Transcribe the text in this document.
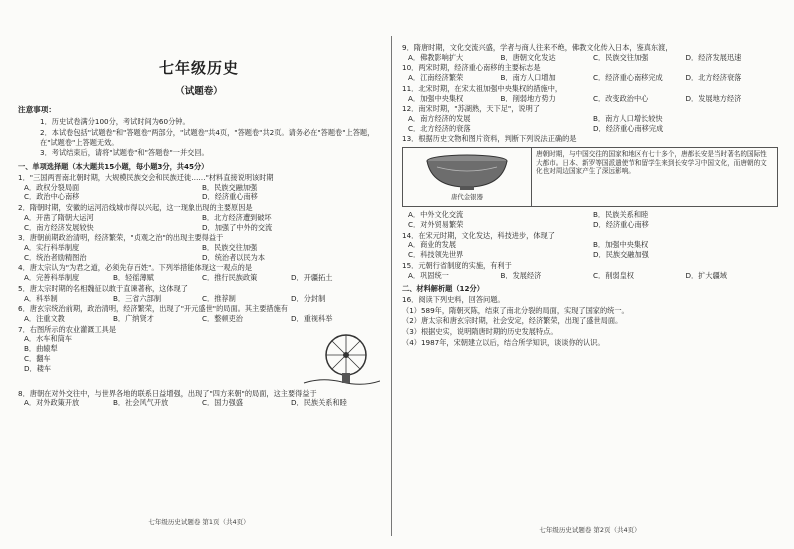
七年级历史
（试题卷）
注意事项：
1．历史试卷满分100分，考试时间为60分钟。
2．本试卷包括"试题卷"和"答题卷"两部分，"试题卷"共4页，"答题卷"共2页。请务必在"答题卷"上答题，在"试题卷"上答题无效。
3．考试结束后，请将"试题卷"和"答题卷"一并交回。
一、单项选择题（本大题共15小题，每小题3分，共45分）
1．"三国两晋南北朝时期，大规模民族交会和民族迁徙……"材料直接说明该时期
A．政权分裂局面	B．民族交融加强
C．政治中心南移	D．经济重心南移
2．隋朝时期，安徽的运河沿线城市得以兴起，这一现象出现的主要原因是
A．开凿了隋朝大运河	B．北方经济遭到破坏
C．南方经济发展较快	D．加强了中外的交流
3．唐朝前期政治清明，经济繁荣，"贞观之治"的出现主要得益于
A．实行科举制度	B．民族交往加强
C．统治者励精图治	D．统治者以民为本
4．唐太宗认为"为君之道，必须先存百姓"。下列举措能体现这一观点的是
A．完善科举制度	B．轻徭薄赋	C．推行民族政策	D．开疆拓土
5．唐太宗时期的名相魏征以敢于直谏著称，这体现了
A．科举制	B．三省六部制	C．推荐制	D．分封制
6．唐玄宗统治前期，政治清明，经济繁荣，出现了"开元盛世"的局面。其主要措施有
A．注重文教	B．广纳贤才	C．整顿吏治	D．重视科举
7．右图所示的农业灌溉工具是
A．水车和筒车
B．曲辕犁
C．翻车
D．耧车
8．唐朝在对外交往中，与世界各地的联系日益增强，出现了"四方来朝"的局面，这主要得益于
A．对外政策开放	B．社会风气开放	C．国力强盛	D．民族关系和睦
七年级历史试题卷 第1页（共4页）
9．隋唐时期，文化交流兴盛，学者与商人往来不绝，佛教文化传入日本，鉴真东渡，
A．佛教影响扩大	B．唐朝文化发达	C．民族交往加强	D．经济发展迅速
10．两宋时期，经济重心南移的主要标志是
A．江南经济繁荣	B．南方人口增加	C．经济重心南移完成	D．北方经济衰落
11．北宋时期，在宋太祖加强中央集权的措施中，
A．加强中央集权	B．削弱地方势力	C．改变政治中心	D．发展地方经济
12．南宋时期，"苏湖熟，天下足"，说明了
A．南方经济的发展	B．南方人口增长较快
C．北方经济的衰落	D．经济重心南移完成
13．根据历史文物和图片资料，判断下列说法正确的是
唐代金银器
唐朝时期，与中国交往的国家和地区有七十多个，唐都长安是当时著名的国际性大都市。日本、新罗等国派遣使节和留学生来到长安学习中国文化，而唐朝的文化也对周边国家产生了深远影响。
A．中外文化交流	B．民族关系和睦
C．对外贸易繁荣	D．经济重心南移
14．在宋元时期，文化发达，科技进步，体现了
A．商业的发展	B．加强中央集权
C．科技领先世界	D．民族交融加强
15．元朝行省制度的实施，有利于
A．巩固统一	B．发展经济	C．削弱皇权	D．扩大疆域
二、材料解析题（12分）
16．阅读下列史料，回答问题。
（1）589年，隋朝灭陈，结束了南北分裂的局面，实现了国家的统一。
（2）唐太宗和唐玄宗时期，社会安定，经济繁荣，出现了盛世局面。
（3）根据史实，说明隋唐时期的历史发展特点。
（4）1987年，宋朝建立以后，结合所学知识，谈谈你的认识。
七年级历史试题卷 第2页（共4页）
